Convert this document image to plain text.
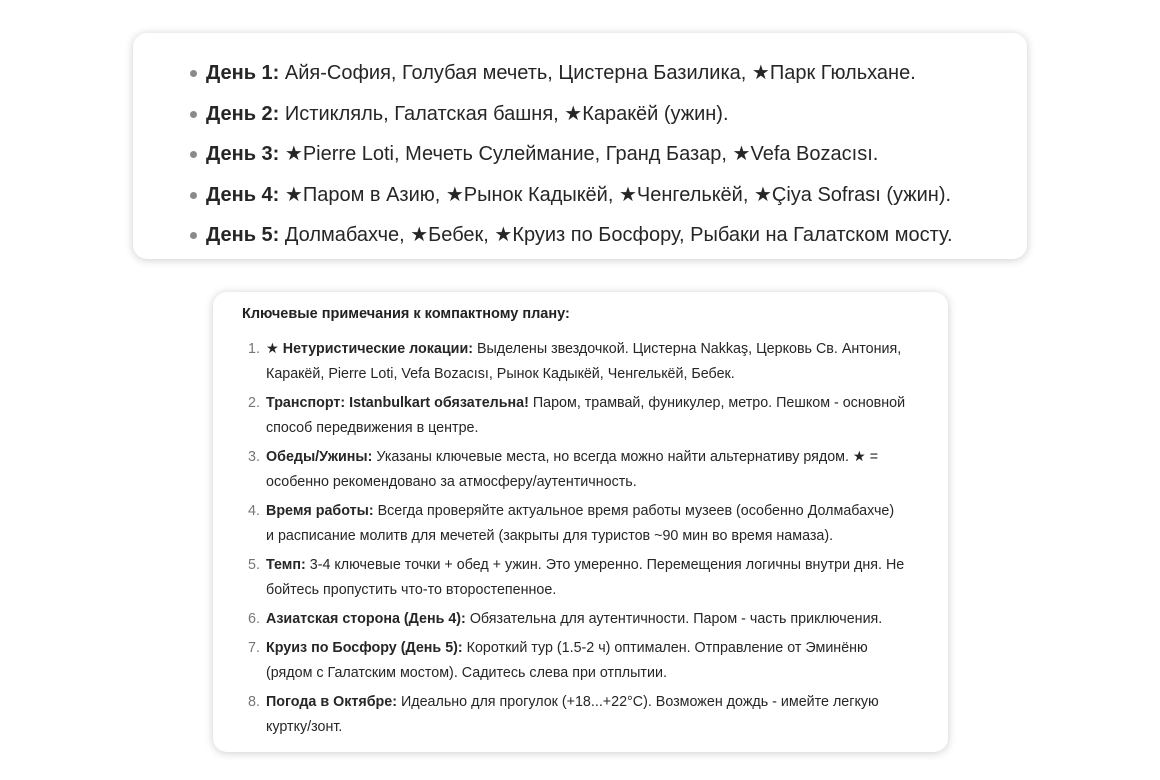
День 1: Айя-София, Голубая мечеть, Цистерна Базилика, ★Парк Гюльхане.
День 2: Истикляль, Галатская башня, ★Каракёй (ужин).
День 3: ★Pierre Loti, Мечеть Сулеймание, Гранд Базар, ★Vefa Bozacısı.
День 4: ★Паром в Азию, ★Рынок Кадыкёй, ★Ченгелькёй, ★Çiya Sofrası (ужин).
День 5: Долмабахче, ★Бебек, ★Круиз по Босфору, Рыбаки на Галатском мосту.
Ключевые примечания к компактному плану:
1. ★ Нетуристические локации: Выделены звездочкой. Цистерна Nakkaş, Церковь Св. Антония, Каракёй, Pierre Loti, Vefa Bozacısı, Рынок Кадыкёй, Ченгелькёй, Бебек.
2. Транспорт: Istanbulkart обязательна! Паром, трамвай, фуникулер, метро. Пешком - основной способ передвижения в центре.
3. Обеды/Ужины: Указаны ключевые места, но всегда можно найти альтернативу рядом. ★ = особенно рекомендовано за атмосферу/аутентичность.
4. Время работы: Всегда проверяйте актуальное время работы музеев (особенно Долмабахче) и расписание молитв для мечетей (закрыты для туристов ~90 мин во время намаза).
5. Темп: 3-4 ключевые точки + обед + ужин. Это умеренно. Перемещения логичны внутри дня. Не бойтесь пропустить что-то второстепенное.
6. Азиатская сторона (День 4): Обязательна для аутентичности. Паром - часть приключения.
7. Круиз по Босфору (День 5): Короткий тур (1.5-2 ч) оптимален. Отправление от Эминёню (рядом с Галатским мостом). Садитесь слева при отплытии.
8. Погода в Октябре: Идеально для прогулок (+18...+22°C). Возможен дождь - имейте легкую куртку/зонт.
